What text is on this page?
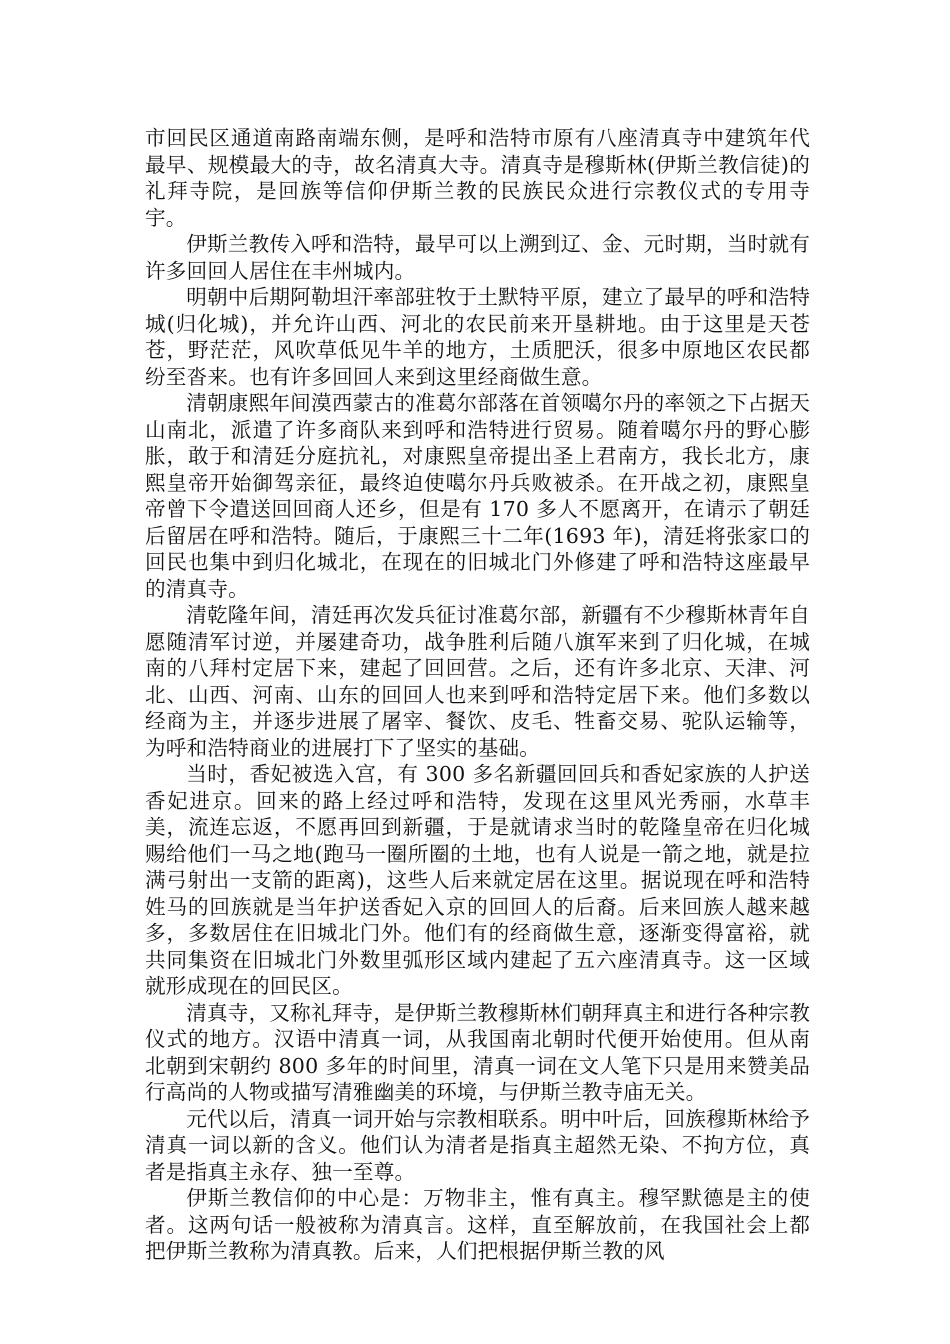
市回民区通道南路南端东侧，是呼和浩特市原有八座清真寺中建筑年代最早、规模最大的寺，故名清真大寺。清真寺是穆斯林(伊斯兰教信徒)的礼拜寺院，是回族等信仰伊斯兰教的民族民众进行宗教仪式的专用寺宇。

伊斯兰教传入呼和浩特，最早可以上溯到辽、金、元时期，当时就有许多回回人居住在丰州城内。

明朝中后期阿勒坦汗率部驻牧于土默特平原，建立了最早的呼和浩特城(归化城)，并允许山西、河北的农民前来开垦耕地。由于这里是天苍苍，野茫茫，风吹草低见牛羊的地方，土质肥沃，很多中原地区农民都纷至沓来。也有许多回回人来到这里经商做生意。

清朝康熙年间漠西蒙古的准葛尔部落在首领噶尔丹的率领之下占据天山南北，派遣了许多商队来到呼和浩特进行贸易。随着噶尔丹的野心膨胀，敢于和清廷分庭抗礼，对康熙皇帝提出圣上君南方，我长北方，康熙皇帝开始御驾亲征，最终迫使噶尔丹兵败被杀。在开战之初，康熙皇帝曾下令遣送回回商人还乡，但是有 170 多人不愿离开，在请示了朝廷后留居在呼和浩特。随后，于康熙三十二年(1693 年)，清廷将张家口的回民也集中到归化城北，在现在的旧城北门外修建了呼和浩特这座最早的清真寺。

清乾隆年间，清廷再次发兵征讨准葛尔部，新疆有不少穆斯林青年自愿随清军讨逆，并屡建奇功，战争胜利后随八旗军来到了归化城，在城南的八拜村定居下来，建起了回回营。之后，还有许多北京、天津、河北、山西、河南、山东的回回人也来到呼和浩特定居下来。他们多数以经商为主，并逐步进展了屠宰、餐饮、皮毛、牲畜交易、驼队运输等，为呼和浩特商业的进展打下了坚实的基础。

当时，香妃被选入宫，有 300 多名新疆回回兵和香妃家族的人护送香妃进京。回来的路上经过呼和浩特，发现在这里风光秀丽，水草丰美，流连忘返，不愿再回到新疆，于是就请求当时的乾隆皇帝在归化城赐给他们一马之地(跑马一圈所圈的土地，也有人说是一箭之地，就是拉满弓射出一支箭的距离)，这些人后来就定居在这里。据说现在呼和浩特姓马的回族就是当年护送香妃入京的回回人的后裔。后来回族人越来越多，多数居住在旧城北门外。他们有的经商做生意，逐渐变得富裕，就共同集资在旧城北门外数里弧形区域内建起了五六座清真寺。这一区域就形成现在的回民区。

清真寺，又称礼拜寺，是伊斯兰教穆斯林们朝拜真主和进行各种宗教仪式的地方。汉语中清真一词，从我国南北朝时代便开始使用。但从南北朝到宋朝约 800 多年的时间里，清真一词在文人笔下只是用来赞美品行高尚的人物或描写清雅幽美的环境，与伊斯兰教寺庙无关。

元代以后，清真一词开始与宗教相联系。明中叶后，回族穆斯林给予清真一词以新的含义。他们认为清者是指真主超然无染、不拘方位，真者是指真主永存、独一至尊。

伊斯兰教信仰的中心是：万物非主，惟有真主。穆罕默德是主的使者。这两句话一般被称为清真言。这样，直至解放前，在我国社会上都把伊斯兰教称为清真教。后来，人们把根据伊斯兰教的风
